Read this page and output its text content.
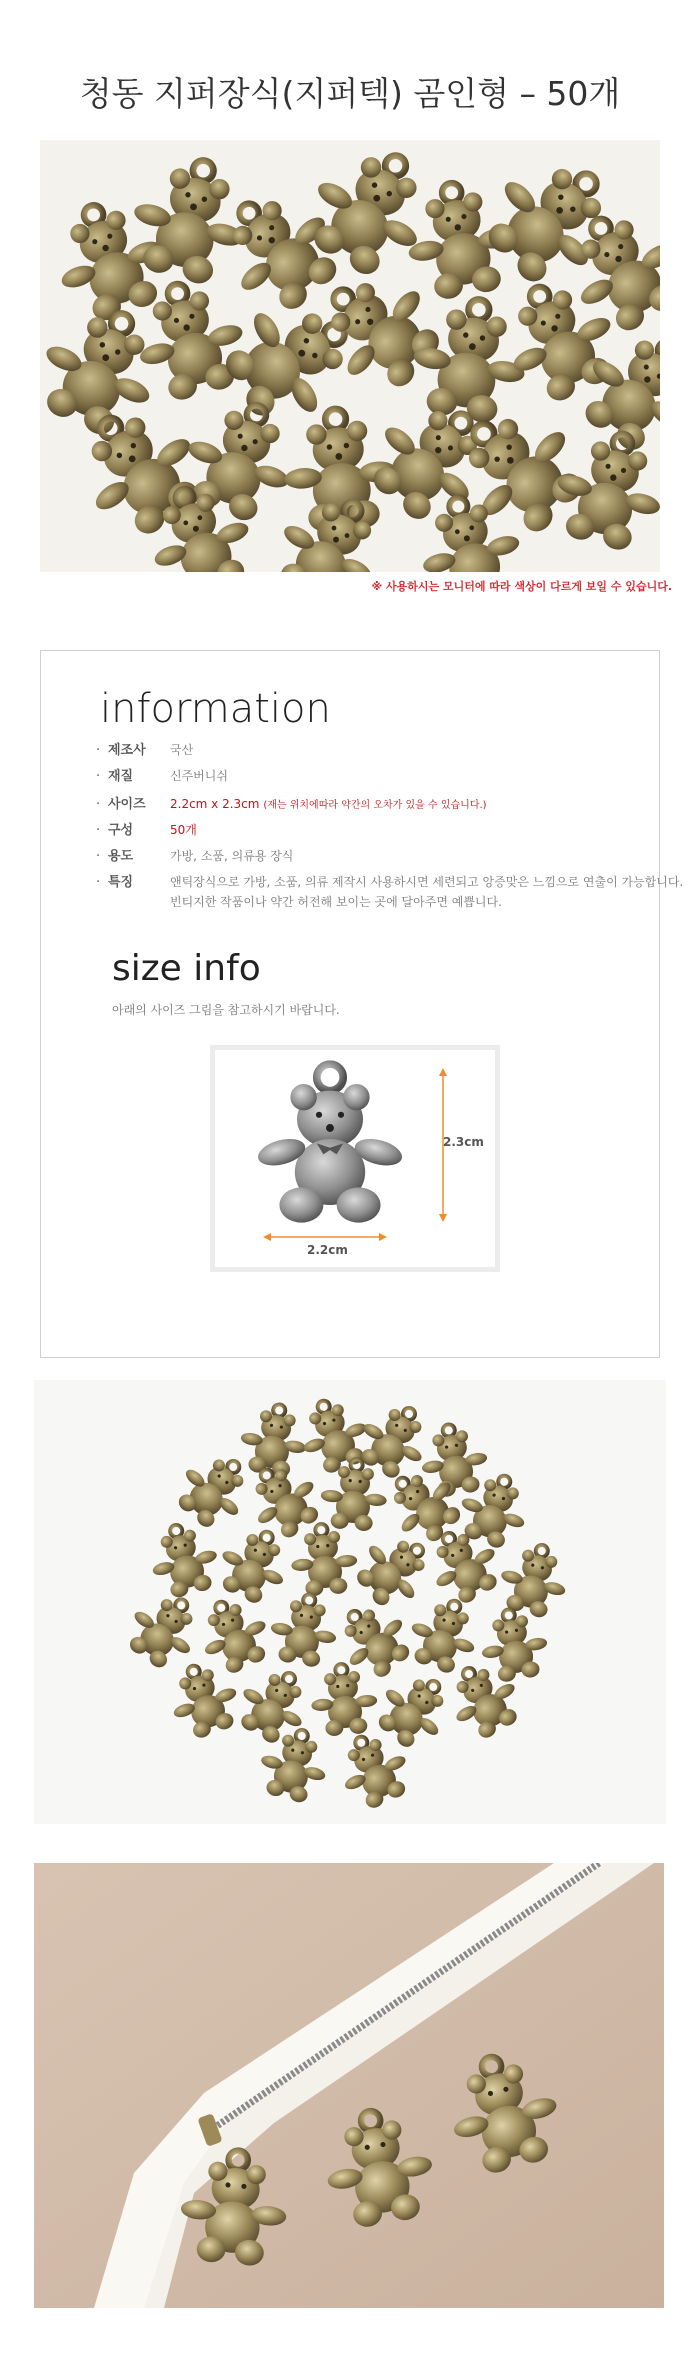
청동 지퍼장식(지퍼텍) 곰인형 – 50개
※ 사용하시는 모니터에 따라 색상이 다르게 보일 수 있습니다.
information
· 제조사	국산
· 재질	신주버니쉬
· 사이즈	2.2cm x 2.3cm (재는 위치에따라 약간의 오차가 있을 수 있습니다.)
· 구성	50개
· 용도	가방, 소품, 의류용 장식
· 특징	앤틱장식으로 가방, 소품, 의류 제작시 사용하시면 세련되고 앙증맞은 느낌으로 연출이 가능합니다.
빈티지한 작품이나 약간 허전해 보이는 곳에 달아주면 예쁩니다.
size info
아래의 사이즈 그림을 참고하시기 바랍니다.
2.3cm
2.2cm
